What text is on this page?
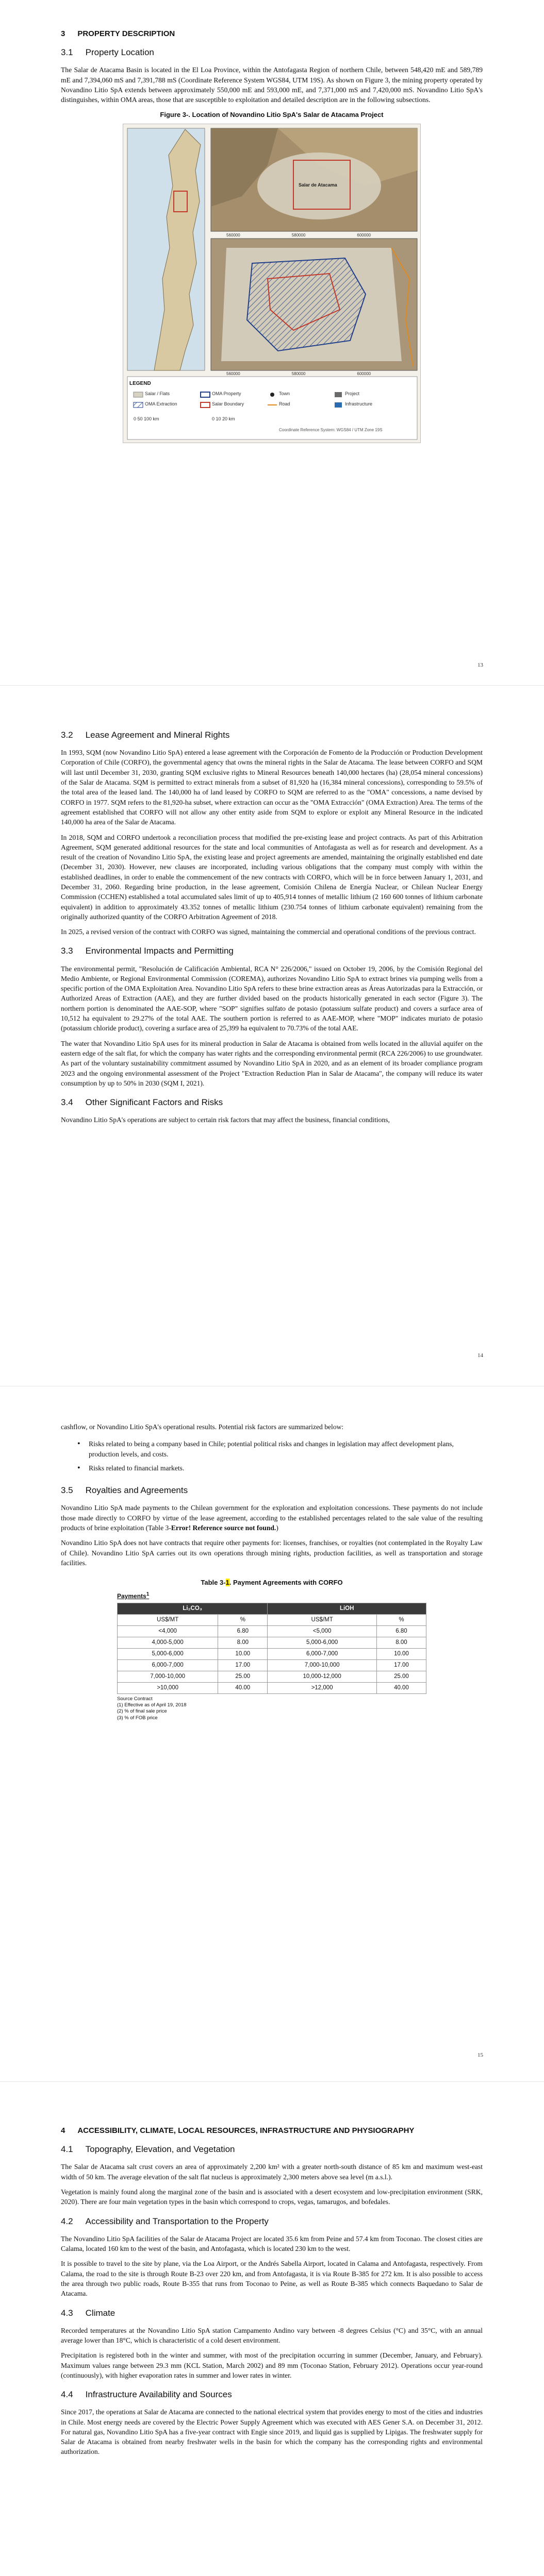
3 PROPERTY DESCRIPTION
3.1 Property Location

The Salar de Atacama Basin is located in the El Loa Province, within the Antofagasta Region of northern Chile, between 548,420 mE and 589,789 mE and 7,394,060 mS and 7,391,788 mS (Coordinate Reference System WGS84, UTM 19S). As shown on Figure 3, the mining property operated by Novandino Litio SpA extends between approximately 550,000 mE and 593,000 mE, and 7,371,000 mS and 7,420,000 mS. Novandino Litio SpA's distinguishes, within OMA areas, those that are susceptible to exploitation and detailed description are in the following subsections.

Figure 3-. Location of Novandino Litio SpA's Salar de Atacama Project
LEGEND
Salar / Flats
OMA Extraction
OMA Property
Salar Boundary
Town
Road
Project
Infrastructure
0 50 100 km	0 10 20 km
Coordinate Reference System: WGS84 / UTM Zone 19S
560000	580000	600000
560000	580000	600000
Salar de Atacama
13
3.2 Lease Agreement and Mineral Rights

In 1993, SQM (now Novandino Litio SpA) entered a lease agreement with the Corporación de Fomento de la Producción or Production Development Corporation of Chile (CORFO), the governmental agency that owns the mineral rights in the Salar de Atacama. The lease between CORFO and SQM will last until December 31, 2030, granting SQM exclusive rights to Mineral Resources beneath 140,000 hectares (ha) (28,054 mineral concessions) of the Salar de Atacama. SQM is permitted to extract minerals from a subset of 81,920 ha (16,384 mineral concessions), corresponding to 59.5% of the total area of the leased land. The 140,000 ha of land leased by CORFO to SQM are referred to as the "OMA" concessions, a name devised by CORFO in 1977. SQM refers to the 81,920-ha subset, where extraction can occur as the "OMA Extracción" (OMA Extraction) Area. The terms of the agreement established that CORFO will not allow any other entity aside from SQM to explore or exploit any Mineral Resource in the indicated 140,000 ha area of the Salar de Atacama.

In 2018, SQM and CORFO undertook a reconciliation process that modified the pre-existing lease and project contracts. As part of this Arbitration Agreement, SQM generated additional resources for the state and local communities of Antofagasta as well as for research and development. As a result of the creation of Novandino Litio SpA, the existing lease and project agreements are amended, maintaining the originally established end date (December 31, 2030). However, new clauses are incorporated, including various obligations that the company must comply with within the established deadlines, in order to enable the commencement of the new contracts with CORFO, which will be in force between January 1, 2031, and December 31, 2060. Regarding brine production, in the lease agreement, Comisión Chilena de Energía Nuclear, or Chilean Nuclear Energy Commission (CCHEN) established a total accumulated sales limit of up to 405,914 tonnes of metallic lithium (2 160 600 tonnes of lithium carbonate equivalent) in addition to approximately 43.352 tonnes of metallic lithium (230.754 tonnes of lithium carbonate equivalent) remaining from the originally authorized quantity of the CORFO Arbitration Agreement of 2018.

In 2025, a revised version of the contract with CORFO was signed, maintaining the commercial and operational conditions of the previous contract.

3.3 Environmental Impacts and Permitting

The environmental permit, "Resolución de Calificación Ambiental, RCA N° 226/2006," issued on October 19, 2006, by the Comisión Regional del Medio Ambiente, or Regional Environmental Commission (COREMA), authorizes Novandino Litio SpA to extract brines via pumping wells from a specific portion of the OMA Exploitation Area. Novandino Litio SpA refers to these brine extraction areas as Áreas Autorizadas para la Extracción, or Authorized Areas of Extraction (AAE), and they are further divided based on the products historically generated in each sector (Figure 3). The northern portion is denominated the AAE-SOP, where "SOP" signifies sulfato de potasio (potassium sulfate product) and covers a surface area of 10,512 ha equivalent to 29.27% of the total AAE. The southern portion is referred to as AAE-MOP, where "MOP" indicates muriato de potasio (potassium chloride product), covering a surface area of 25,399 ha equivalent to 70.73% of the total AAE.

The water that Novandino Litio SpA uses for its mineral production in Salar de Atacama is obtained from wells located in the alluvial aquifer on the eastern edge of the salt flat, for which the company has water rights and the corresponding environmental permit (RCA 226/2006) to use groundwater. As part of the voluntary sustainability commitment assumed by Novandino Litio SpA in 2020, and as an element of its broader compliance program 2023 and the ongoing environmental assessment of the Project "Extraction Reduction Plan in Salar de Atacama", the company will reduce its water consumption by up to 50% in 2030 (SQM I, 2021).

3.4 Other Significant Factors and Risks

Novandino Litio SpA's operations are subject to certain risk factors that may affect the business, financial conditions,

14

cashflow, or Novandino Litio SpA's operational results. Potential risk factors are summarized below:

• Risks related to being a company based in Chile; potential political risks and changes in legislation may affect development plans, production levels, and costs.
• Risks related to financial markets.
3.5 Royalties and Agreements

Novandino Litio SpA made payments to the Chilean government for the exploration and exploitation concessions. These payments do not include those made directly to CORFO by virtue of the lease agreement, according to the established percentages related to the sale value of the resulting products of brine exploitation (Table 3-Error! Reference source not found.)

Novandino Litio SpA does not have contracts that require other payments for: licenses, franchises, or royalties (not contemplated in the Royalty Law of Chile). Novandino Litio SpA carries out its own operations through mining rights, production facilities, as well as transportation and storage facilities.

Table 3-1. Payment Agreements with CORFO
Payments$^1$
Li₂CO₃		LiOH	
US$/MT	%	US$/MT	%
<4,000	6.80	<5,000	6.80
4,000-5,000	8.00	5,000-6,000	8.00
5,000-6,000	10.00	6,000-7,000	10.00
6,000-7,000	17.00	7,000-10,000	17.00
7,000-10,000	25.00	10,000-12,000	25.00
>10,000	40.00	>12,000	40.00
Source Contract
(1) Effective as of April 19, 2018
(2) % of final sale price
(3) % of FOB price
15
4 ACCESSIBILITY, CLIMATE, LOCAL RESOURCES, INFRASTRUCTURE AND PHYSIOGRAPHY
4.1 Topography, Elevation, and Vegetation

The Salar de Atacama salt crust covers an area of approximately 2,200 km² with a greater north-south distance of 85 km and maximum west-east width of 50 km. The average elevation of the salt flat nucleus is approximately 2,300 meters above sea level (m a.s.l.).

Vegetation is mainly found along the marginal zone of the basin and is associated with a desert ecosystem and low-precipitation environment (SRK, 2020). There are four main vegetation types in the basin which correspond to crops, vegas, tamarugos, and bofedales.

4.2 Accessibility and Transportation to the Property

The Novandino Litio SpA facilities of the Salar de Atacama Project are located 35.6 km from Peine and 57.4 km from Toconao. The closest cities are Calama, located 160 km to the west of the basin, and Antofagasta, which is located 230 km to the west.

It is possible to travel to the site by plane, via the Loa Airport, or the Andrés Sabella Airport, located in Calama and Antofagasta, respectively. From Calama, the road to the site is through Route B-23 over 220 km, and from Antofagasta, it is via Route B-385 for 272 km. It is also possible to access the area through two public roads, Route B-355 that runs from Toconao to Peine, as well as Route B-385 which connects Baquedano to Salar de Atacama.

4.3 Climate

Recorded temperatures at the Novandino Litio SpA station Campamento Andino vary between -8 degrees Celsius (°C) and 35°C, with an annual average lower than 18°C, which is characteristic of a cold desert environment.

Precipitation is registered both in the winter and summer, with most of the precipitation occurring in summer (December, January, and February). Maximum values range between 29.3 mm (KCL Station, March 2002) and 89 mm (Toconao Station, February 2012). Operations occur year-round (continuously), with higher evaporation rates in summer and lower rates in winter.

4.4 Infrastructure Availability and Sources

Since 2017, the operations at Salar de Atacama are connected to the national electrical system that provides energy to most of the cities and industries in Chile. Most energy needs are covered by the Electric Power Supply Agreement which was executed with AES Gener S.A. on December 31, 2012. For natural gas, Novandino Litio SpA has a five-year contract with Engie since 2019, and liquid gas is supplied by Lipigas. The freshwater supply for Salar de Atacama is obtained from nearby freshwater wells in the basin for which the company has the corresponding rights and environmental authorization.
